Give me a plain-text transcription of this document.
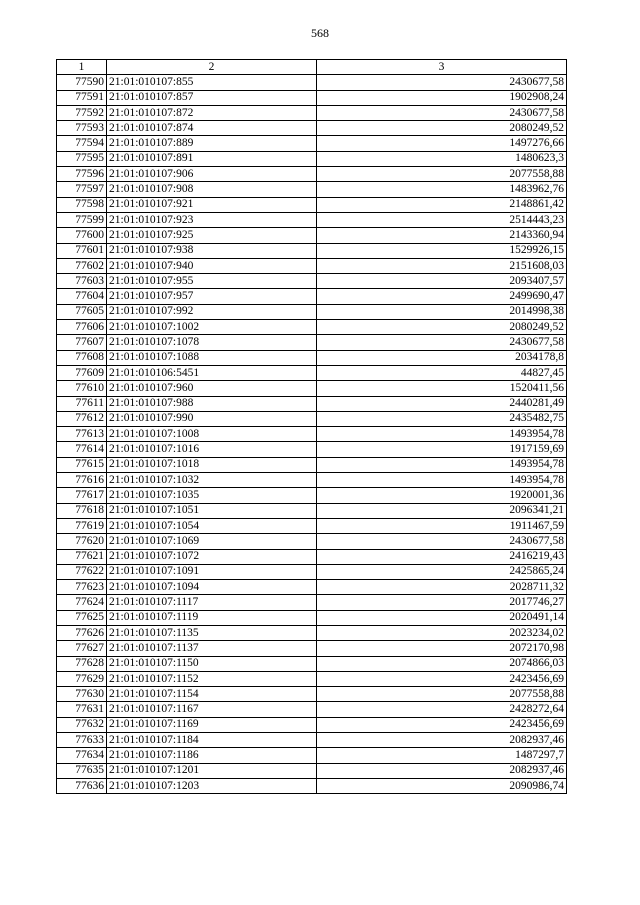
568
1	2	3
77590	21:01:010107:855	2430677,58
77591	21:01:010107:857	1902908,24
77592	21:01:010107:872	2430677,58
77593	21:01:010107:874	2080249,52
77594	21:01:010107:889	1497276,66
77595	21:01:010107:891	1480623,3
77596	21:01:010107:906	2077558,88
77597	21:01:010107:908	1483962,76
77598	21:01:010107:921	2148861,42
77599	21:01:010107:923	2514443,23
77600	21:01:010107:925	2143360,94
77601	21:01:010107:938	1529926,15
77602	21:01:010107:940	2151608,03
77603	21:01:010107:955	2093407,57
77604	21:01:010107:957	2499690,47
77605	21:01:010107:992	2014998,38
77606	21:01:010107:1002	2080249,52
77607	21:01:010107:1078	2430677,58
77608	21:01:010107:1088	2034178,8
77609	21:01:010106:5451	44827,45
77610	21:01:010107:960	1520411,56
77611	21:01:010107:988	2440281,49
77612	21:01:010107:990	2435482,75
77613	21:01:010107:1008	1493954,78
77614	21:01:010107:1016	1917159,69
77615	21:01:010107:1018	1493954,78
77616	21:01:010107:1032	1493954,78
77617	21:01:010107:1035	1920001,36
77618	21:01:010107:1051	2096341,21
77619	21:01:010107:1054	1911467,59
77620	21:01:010107:1069	2430677,58
77621	21:01:010107:1072	2416219,43
77622	21:01:010107:1091	2425865,24
77623	21:01:010107:1094	2028711,32
77624	21:01:010107:1117	2017746,27
77625	21:01:010107:1119	2020491,14
77626	21:01:010107:1135	2023234,02
77627	21:01:010107:1137	2072170,98
77628	21:01:010107:1150	2074866,03
77629	21:01:010107:1152	2423456,69
77630	21:01:010107:1154	2077558,88
77631	21:01:010107:1167	2428272,64
77632	21:01:010107:1169	2423456,69
77633	21:01:010107:1184	2082937,46
77634	21:01:010107:1186	1487297,7
77635	21:01:010107:1201	2082937,46
77636	21:01:010107:1203	2090986,74
